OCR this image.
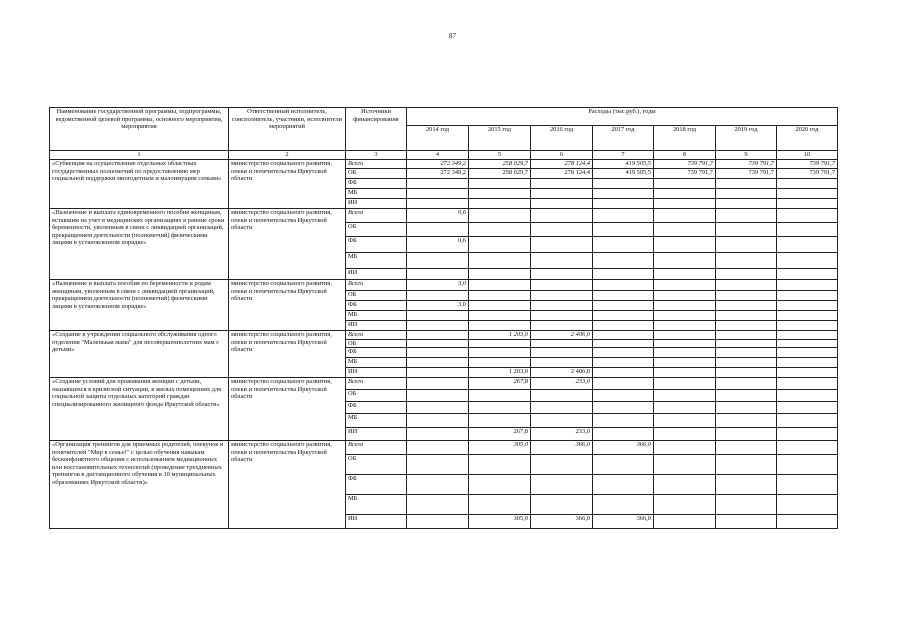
87
Наименование государственной программы, подпрограммы, ведомственной целевой программы, основного мероприятия, мероприятия	Ответственный исполнитель, соисполнитель, участники, исполнители мероприятий	Источники финансирования	Расходы (тыс.руб.), годы						
			2014 год	2015 год	2016 год	2017 год	2018 год	2019 год	2020 год
1	2	3	4	5	6	7	8	9	10
«Субвенция на осуществление отдельных областных государственных полномочий по предоставлению мер социальной поддержки многодетным и малоимущим семьям»	министерство социального развития, опеки и попечительства Иркутской области	Всего	272 349,2	258 029,7	278 124,4	419 505,5	739 791,7	739 791,7	739 791,7
		ОБ	272 349,2	258 029,7	278 124,4	419 505,5	739 791,7	739 791,7	739 791,7
		ФБ							
		МБ							
		ИИ							
«Назначение и выплата единовременного пособия женщинам, вставшим на учет в медицинских организациях в ранние сроки беременности, уволенным в связи с ликвидацией организаций, прекращением деятельности (полномочий) физическими лицами в установленном порядке»	министерство социального развития, опеки и попечительства Иркутской области	Всего	0,6						
		ОБ							
		ФБ	0,6						
		МБ							
		ИИ							
«Назначение и выплата пособия по беременности и родам женщинам, уволенным в связи с ликвидацией организаций, прекращением деятельности (полномочий) физическими лицами в установленном порядке»	министерство социального развития, опеки и попечительства Иркутской области	Всего	3,0						
		ОБ							
		ФБ	3,0						
		МБ							
		ИИ							
«Создание в учреждении социального обслуживания одного отделения "Маленькая мама" для несовершеннолетних мам с детьми»	министерство социального развития, опеки и попечительства Иркутской области	Всего		1 203,0	2 406,0				
		ОБ							
		ФБ							
		МБ							
		ИИ		1 203,0	2 406,0				
«Создание условий для проживания женщин с детьми, оказавшихся в кризисной ситуации, в жилых помещениях для социальной защиты отдельных категорий граждан специализированного жилищного фонда Иркутской области»	министерство социального развития, опеки и попечительства Иркутской области	Всего		267,8	233,0				
		ОБ							
		ФБ							
		МБ							
		ИИ		267,8	233,0				
«Организация тренингов для приемных родителей, опекунов и попечителей "Мир в семье!" с целью обучения навыкам бесконфликтного общения с использованием медиационных или восстановительных технологий (проведение трехдневных тренингов в дистанционного обучения в 10 муниципальных образованиях Иркутской области)»	министерство социального развития, опеки и попечительства Иркутской области	Всего		305,0	366,0	366,0			
		ОБ							
		ФБ							
		МБ							
		ИИ		305,0	366,0	366,0			
